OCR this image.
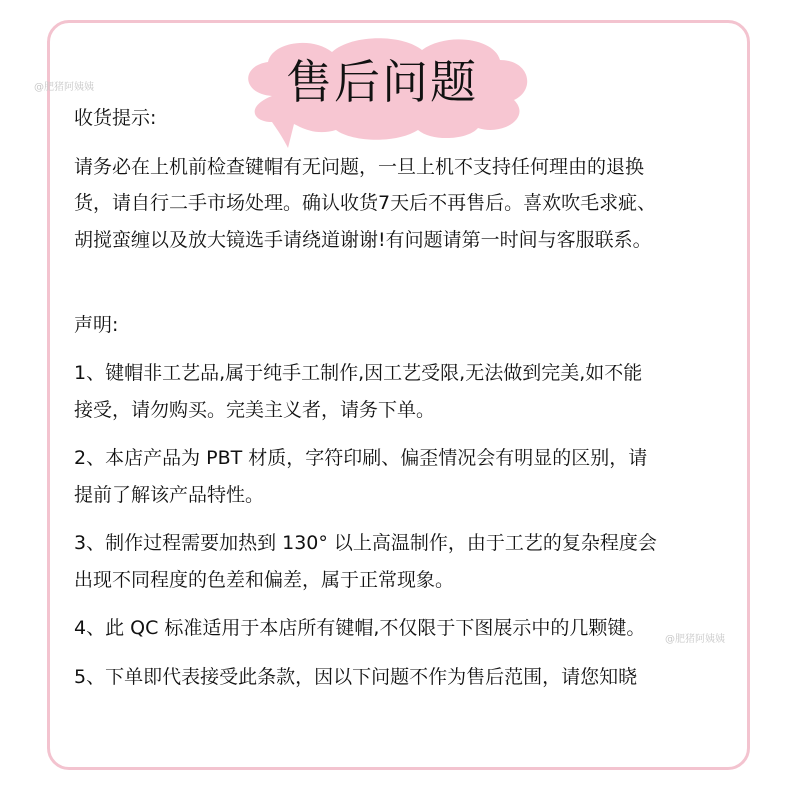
售后问题
@肥猪阿姨姨
@肥猪阿姨姨

收货提示:

请务必在上机前检查键帽有无问题，一旦上机不支持任何理由的退换

货，请自行二手市场处理。确认收货7天后不再售后。喜欢吹毛求疵、

胡搅蛮缠以及放大镜选手请绕道谢谢!有问题请第一时间与客服联系。

声明:

1、键帽非工艺品,属于纯手工制作,因工艺受限,无法做到完美,如不能

接受，请勿购买。完美主义者，请务下单。

2、本店产品为 PBT 材质，字符印刷、偏歪情况会有明显的区别，请

提前了解该产品特性。

3、制作过程需要加热到 130° 以上高温制作，由于工艺的复杂程度会

出现不同程度的色差和偏差，属于正常现象。

4、此 QC 标准适用于本店所有键帽,不仅限于下图展示中的几颗键。

5、下单即代表接受此条款，因以下问题不作为售后范围，请您知晓
